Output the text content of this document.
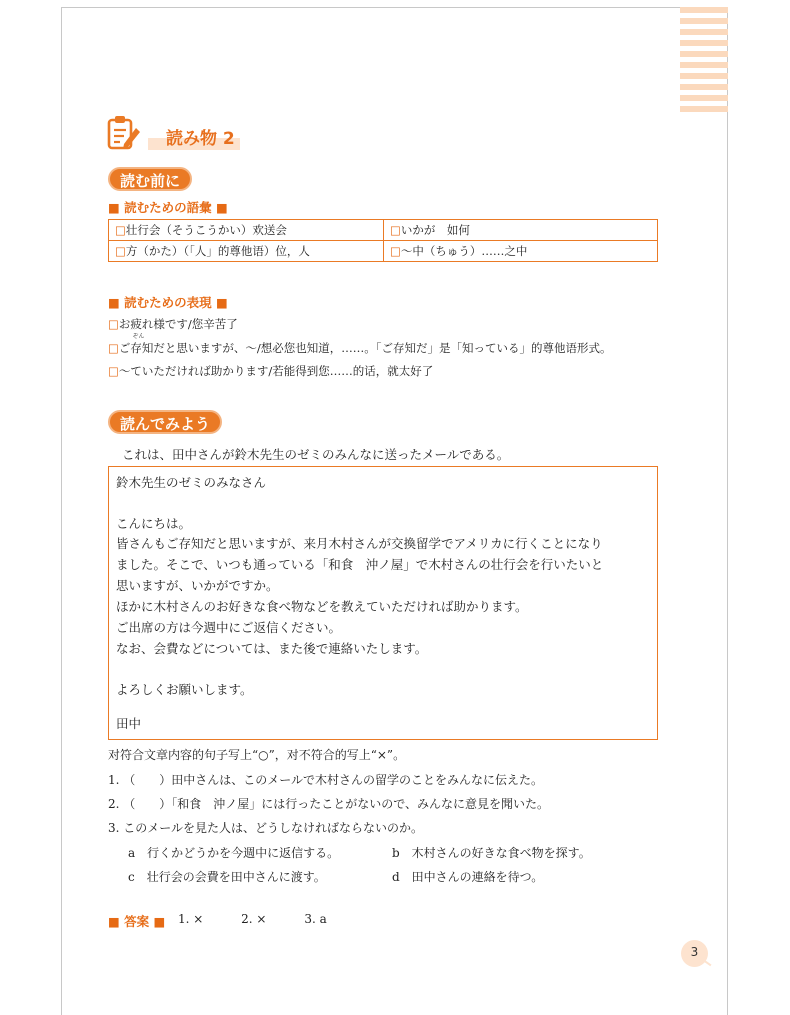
読み物 2
読む前に
■ 読むための語彙 ■
□壮行会（そうこうかい）欢送会	□いかが　如何
□方（かた）（「人」的尊他语）位，人	□～中（ちゅう）……之中
■ 読むための表現 ■
□お疲れ様です/您辛苦了
□ご
ぞん
存知だと思いますが、～/想必您也知道，……。「ご存知だ」是「知っている」的尊他语形式。
□～ていただければ助かります/若能得到您……的话，就太好了
読んでみよう
これは、田中さんが鈴木先生のゼミのみんなに送ったメールである。
鈴木先生のゼミのみなさん
こんにちは。
皆さんもご存知だと思いますが、来月木村さんが交換留学でアメリカに行くことになり
ました。そこで、いつも通っている「和食　沖ノ屋」で木村さんの壮行会を行いたいと
思いますが、いかがですか。
ほかに木村さんのお好きな食べ物などを教えていただければ助かります。
ご出席の方は今週中にご返信ください。
なお、会費などについては、また後で連絡いたします。
よろしくお願いします。
田中
对符合文章内容的句子写上“○”，对不符合的写上“×”。
1. （　　）田中さんは、このメールで木村さんの留学のことをみんなに伝えた。
2. （　　）「和食　沖ノ屋」には行ったことがないので、みんなに意見を聞いた。
3. このメールを見た人は、どうしなければならないのか。
a　行くかどうかを今週中に返信する。	b　木村さんの好きな食べ物を探す。
c　壮行会の会費を田中さんに渡す。	d　田中さんの連絡を待つ。
■ 答案 ■ 1. ×	2. ×	3. a
3
